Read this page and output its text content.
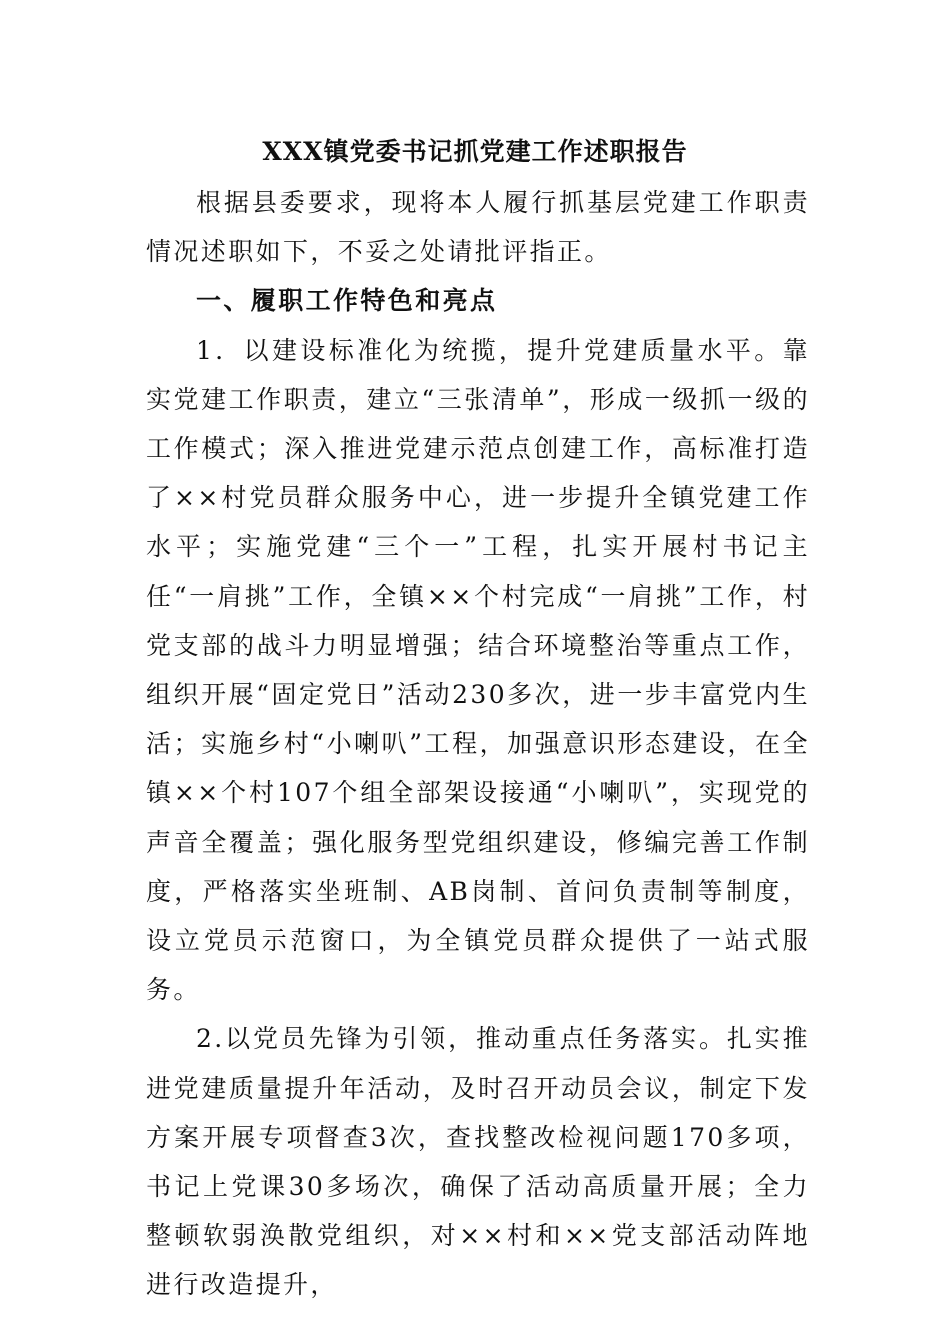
XXX镇党委书记抓党建工作述职报告

根据县委要求，现将本人履行抓基层党建工作职责情况述职如下，不妥之处请批评指正。

一、履职工作特色和亮点

1．以建设标准化为统揽，提升党建质量水平。靠实党建工作职责，建立“三张清单”，形成一级抓一级的工作模式；深入推进党建示范点创建工作，高标准打造了××村党员群众服务中心，进一步提升全镇党建工作水平；实施党建“三个一”工程，扎实开展村书记主任“一肩挑”工作，全镇××个村完成“一肩挑”工作，村党支部的战斗力明显增强；结合环境整治等重点工作，组织开展“固定党日”活动230多次，进一步丰富党内生活；实施乡村“小喇叭”工程，加强意识形态建设，在全镇××个村107个组全部架设接通“小喇叭”，实现党的声音全覆盖；强化服务型党组织建设，修编完善工作制度，严格落实坐班制、AB岗制、首问负责制等制度，设立党员示范窗口，为全镇党员群众提供了一站式服务。

2.以党员先锋为引领，推动重点任务落实。扎实推进党建质量提升年活动，及时召开动员会议，制定下发方案开展专项督查3次，查找整改检视问题170多项，书记上党课30多场次，确保了活动高质量开展；全力整顿软弱涣散党组织，对××村和××党支部活动阵地进行改造提升，
